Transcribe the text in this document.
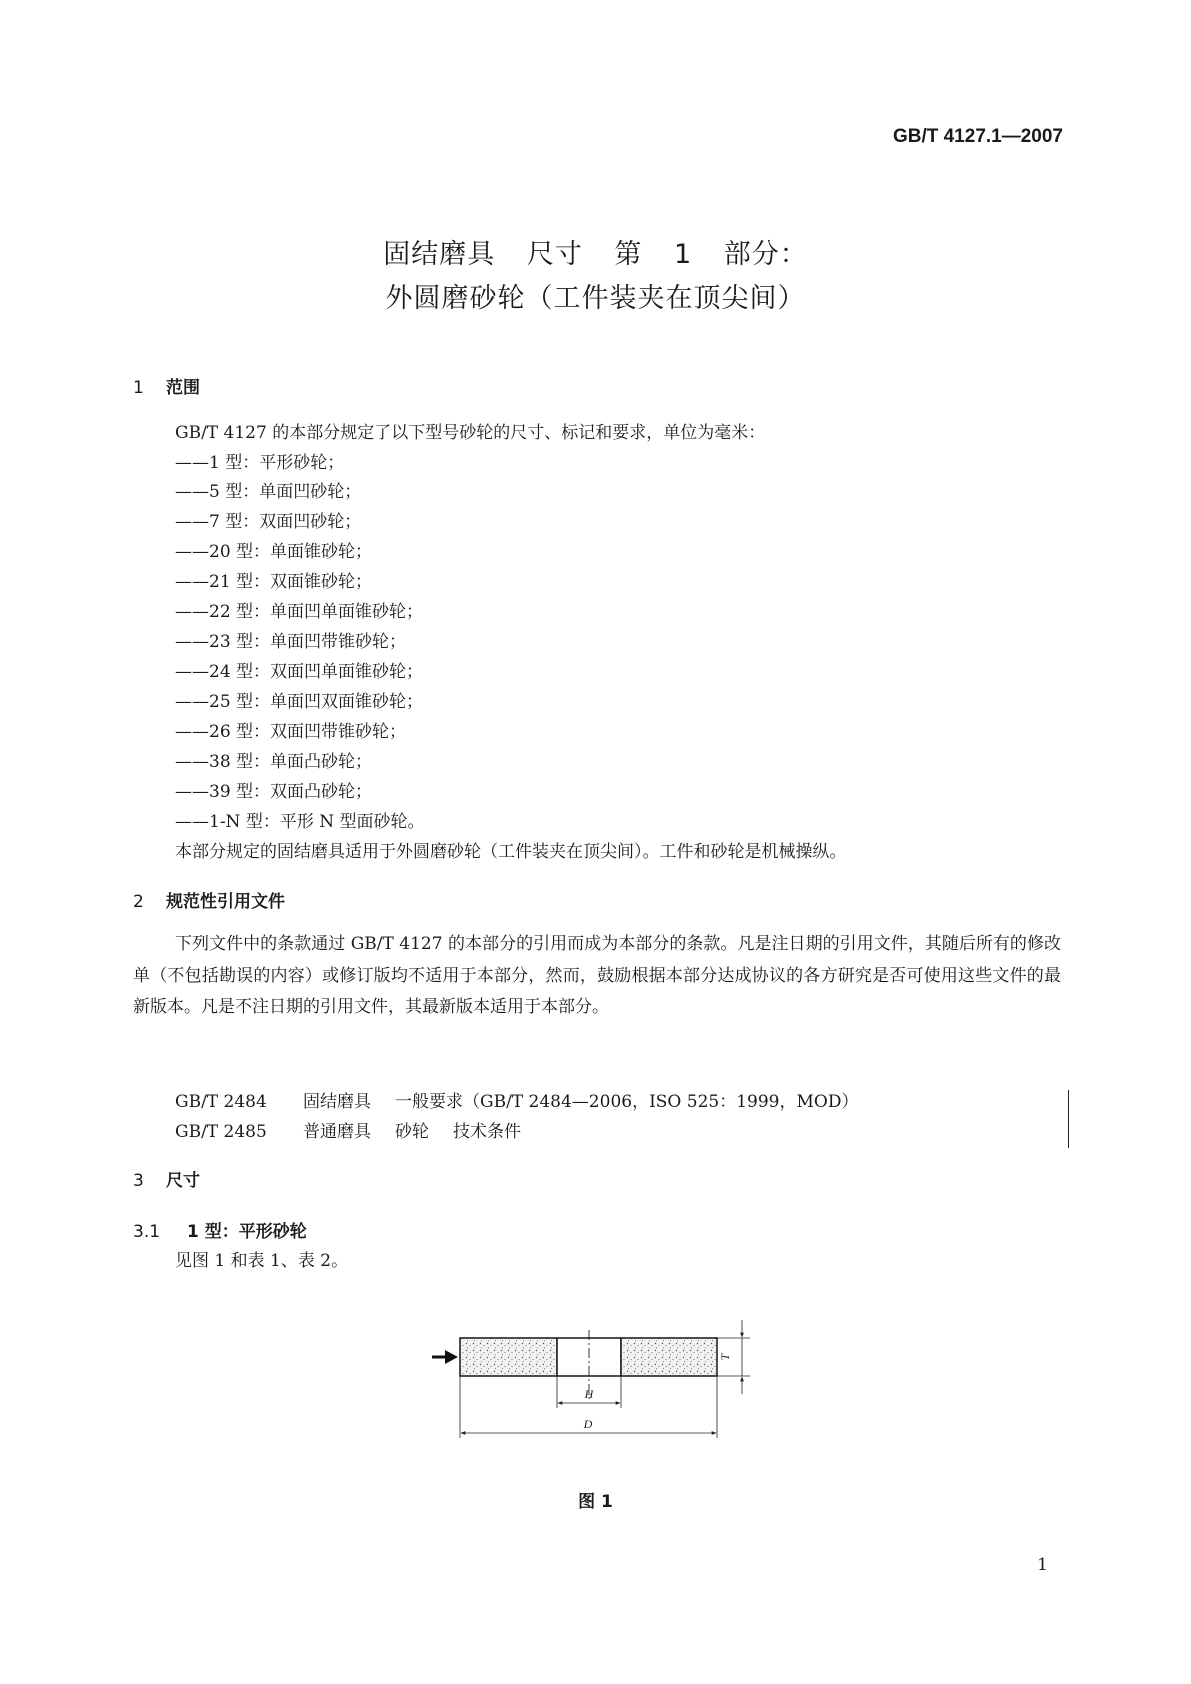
GB/T 4127.1—2007
固结磨具 尺寸 第 1 部分：
外圆磨砂轮（工件装夹在顶尖间）
1 范围
GB/T 4127 的本部分规定了以下型号砂轮的尺寸、标记和要求，单位为毫米：
——1 型：平形砂轮；
——5 型：单面凹砂轮；
——7 型：双面凹砂轮；
——20 型：单面锥砂轮；
——21 型：双面锥砂轮；
——22 型：单面凹单面锥砂轮；
——23 型：单面凹带锥砂轮；
——24 型：双面凹单面锥砂轮；
——25 型：单面凹双面锥砂轮；
——26 型：双面凹带锥砂轮；
——38 型：单面凸砂轮；
——39 型：双面凸砂轮；
——1-N 型：平形 N 型面砂轮。
本部分规定的固结磨具适用于外圆磨砂轮（工件装夹在顶尖间）。工件和砂轮是机械操纵。
2 规范性引用文件

下列文件中的条款通过 GB/T 4127 的本部分的引用而成为本部分的条款。凡是注日期的引用文件，其随后所有的修改单（不包括勘误的内容）或修订版均不适用于本部分，然而，鼓励根据本部分达成协议的各方研究是否可使用这些文件的最新版本。凡是不注日期的引用文件，其最新版本适用于本部分。

GB/T 2484 固结磨具 一般要求（GB/T 2484—2006，ISO 525：1999，MOD）
GB/T 2485 普通磨具 砂轮 技术条件
3 尺寸
3.1 1 型：平形砂轮
见图 1 和表 1、表 2。
T
H
D
图 1
1
